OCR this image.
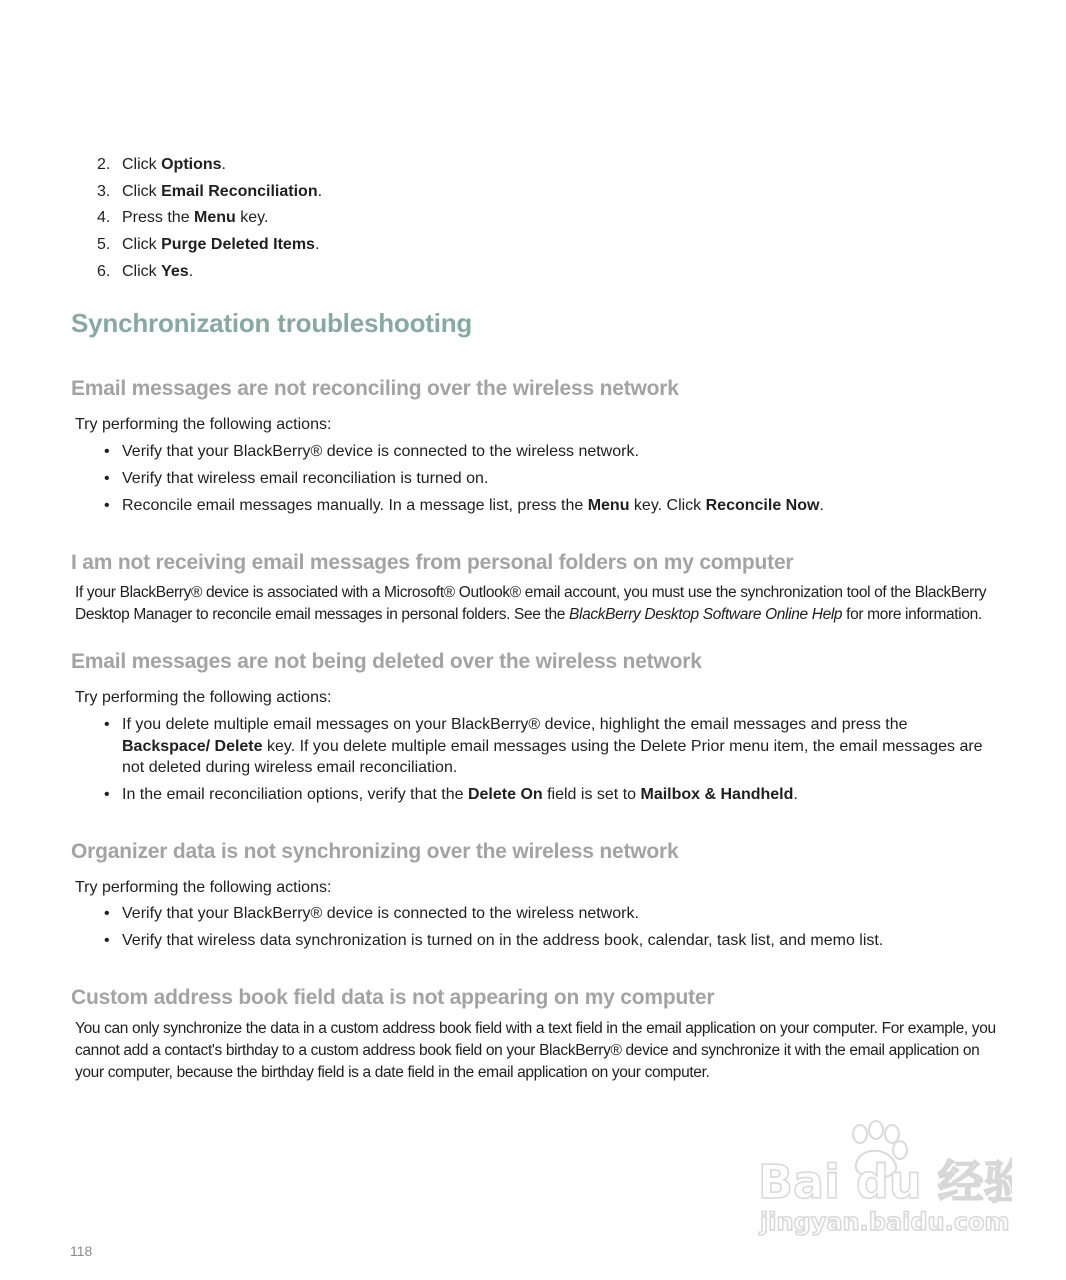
2. Click Options.
3. Click Email Reconciliation.
4. Press the Menu key.
5. Click Purge Deleted Items.
6. Click Yes.
Synchronization troubleshooting
Email messages are not reconciling over the wireless network

Try performing the following actions:

• Verify that your BlackBerry® device is connected to the wireless network.
• Verify that wireless email reconciliation is turned on.
• Reconcile email messages manually. In a message list, press the Menu key. Click Reconcile Now.
I am not receiving email messages from personal folders on my computer

If your BlackBerry® device is associated with a Microsoft® Outlook® email account, you must use the synchronization tool of the BlackBerry Desktop Manager to reconcile email messages in personal folders. See the BlackBerry Desktop Software Online Help for more information.

Email messages are not being deleted over the wireless network

Try performing the following actions:

• If you delete multiple email messages on your BlackBerry® device, highlight the email messages and press the Backspace/ Delete key. If you delete multiple email messages using the Delete Prior menu item, the email messages are not deleted during wireless email reconciliation.
• In the email reconciliation options, verify that the Delete On field is set to Mailbox & Handheld.
Organizer data is not synchronizing over the wireless network

Try performing the following actions:

• Verify that your BlackBerry® device is connected to the wireless network.
• Verify that wireless data synchronization is turned on in the address book, calendar, task list, and memo list.
Custom address book field data is not appearing on my computer

You can only synchronize the data in a custom address book field with a text field in the email application on your computer. For example, you cannot add a contact's birthday to a custom address book field on your BlackBerry® device and synchronize it with the email application on your computer, because the birthday field is a date field in the email application on your computer.

118
Bai du 经验
jingyan.baidu.com
